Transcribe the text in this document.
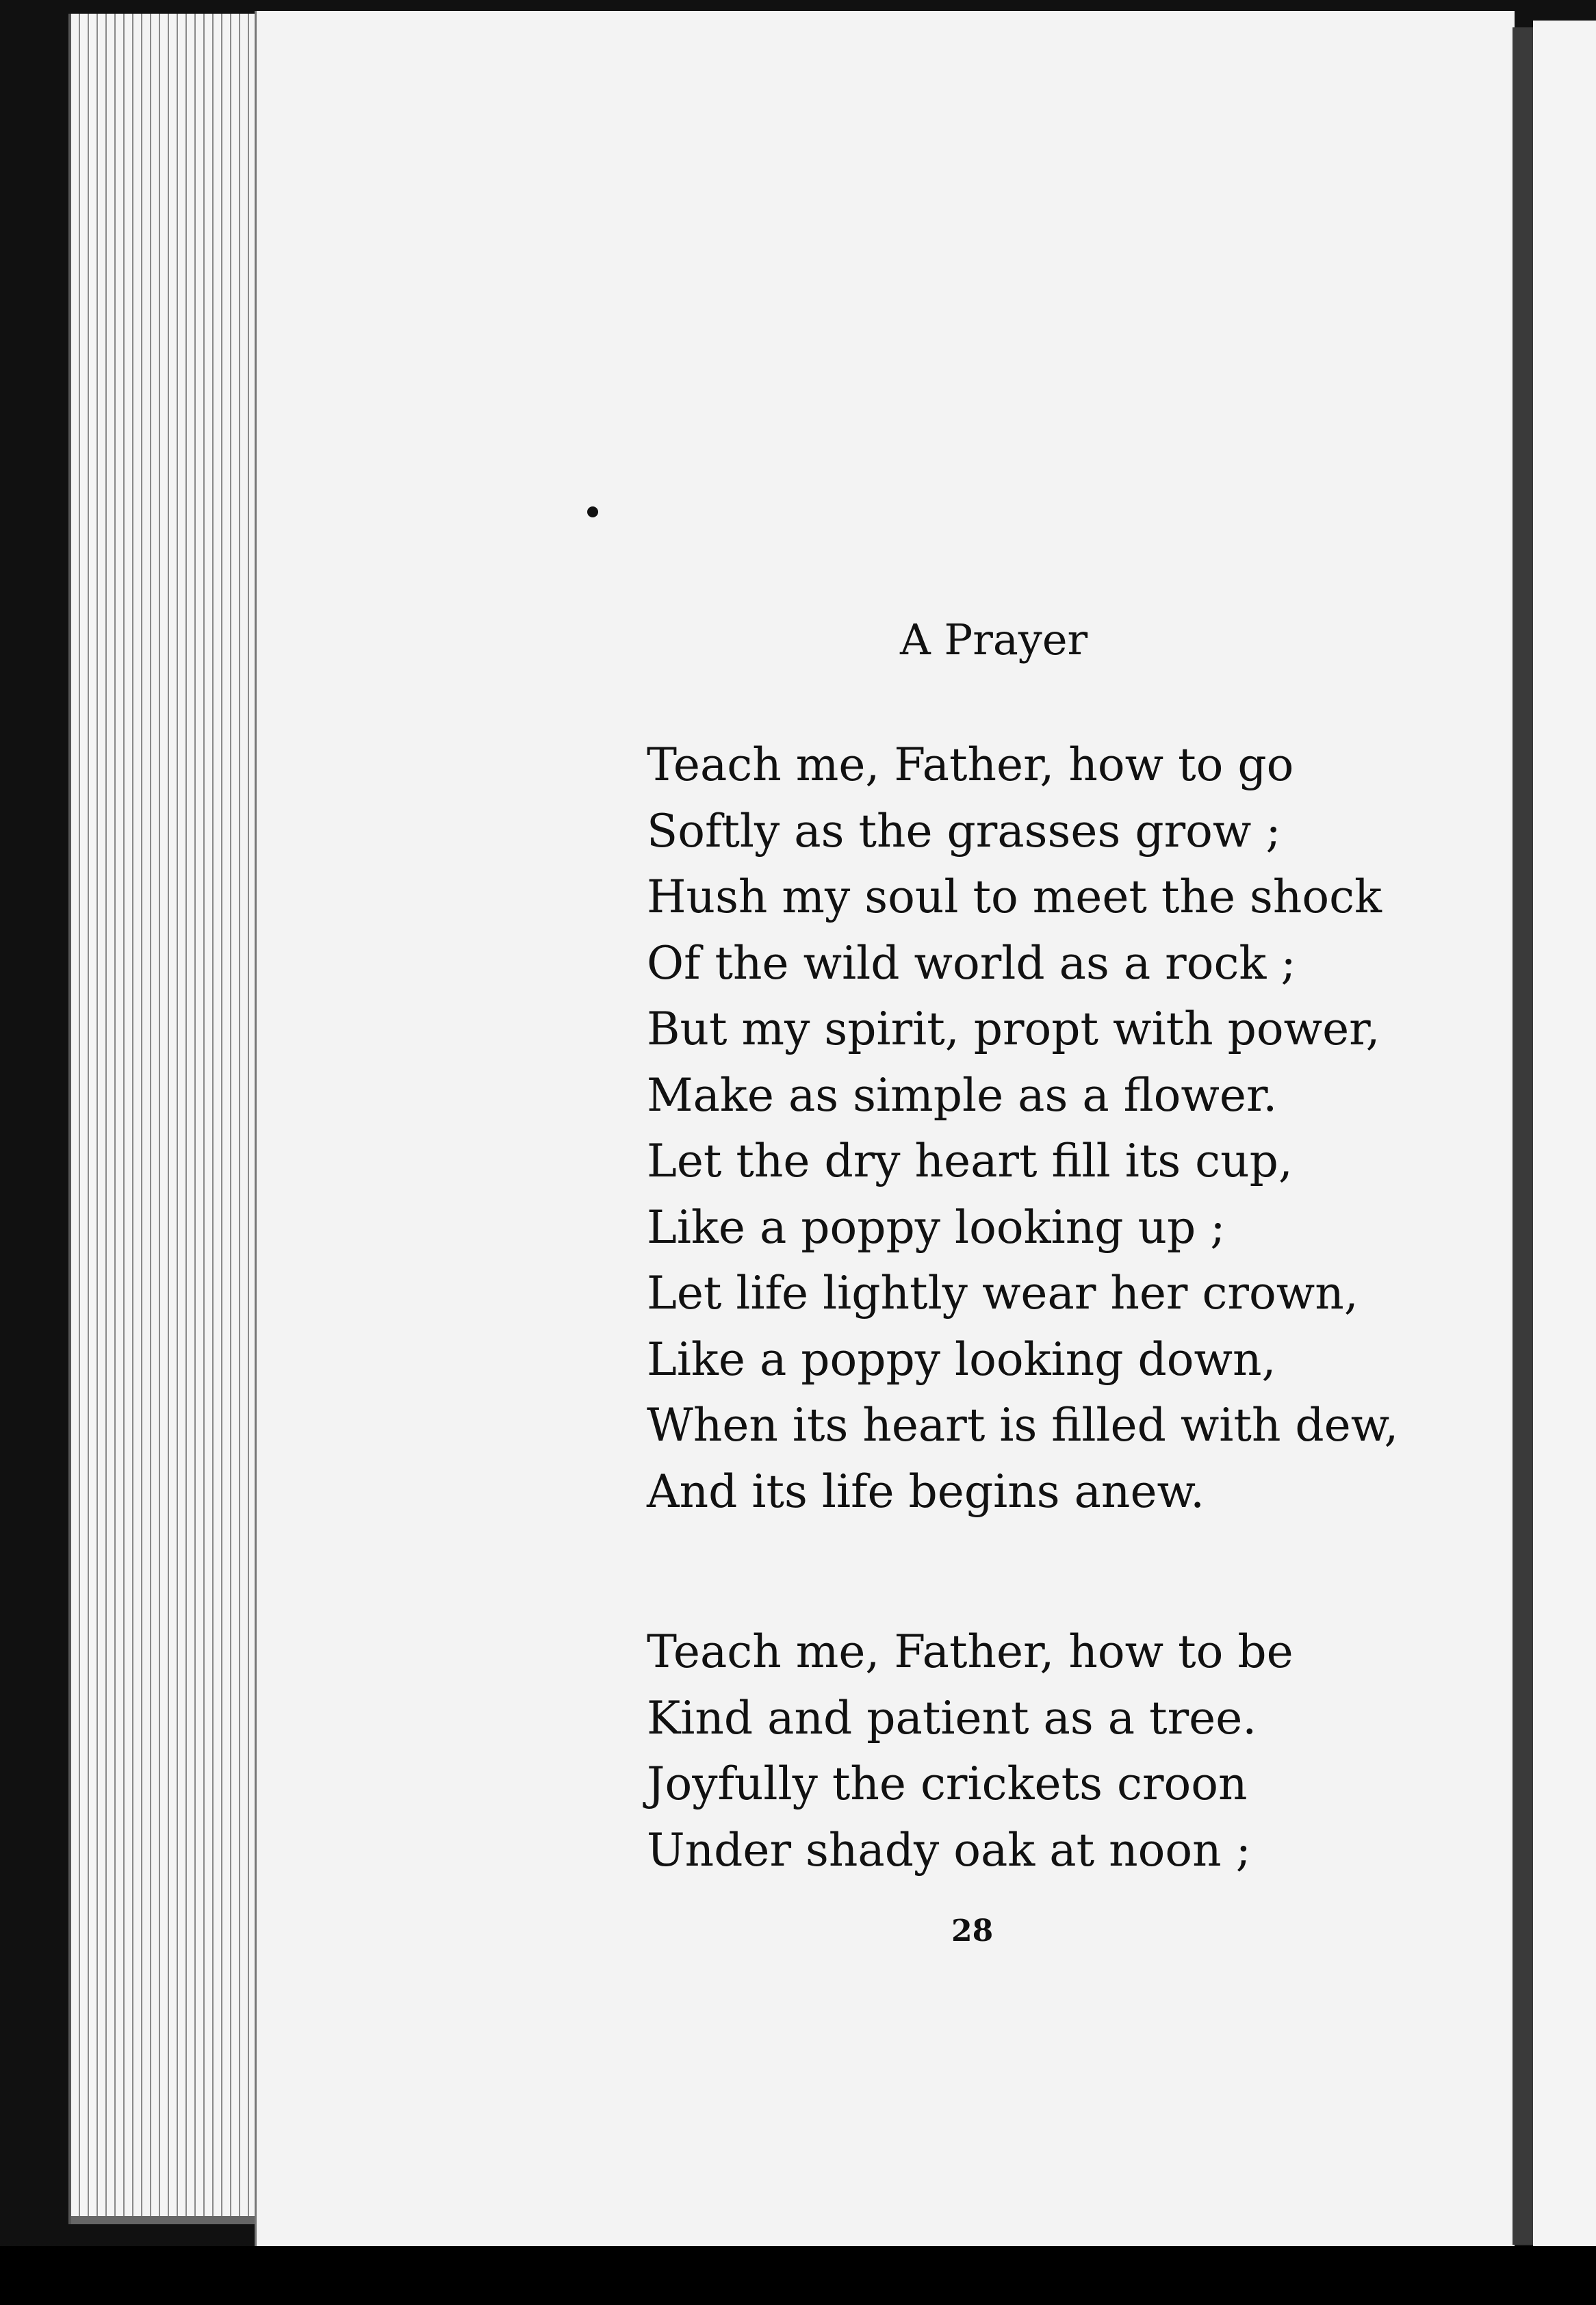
A Prayer
Teach me, Father, how to go
Softly as the grasses grow ;
Hush my soul to meet the shock
Of the wild world as a rock ;
But my spirit, propt with power,
Make as simple as a flower.
Let the dry heart fill its cup,
Like a poppy looking up ;
Let life lightly wear her crown,
Like a poppy looking down,
When its heart is filled with dew,
And its life begins anew.
Teach me, Father, how to be
Kind and patient as a tree.
Joyfully the crickets croon
Under shady oak at noon ;
28
